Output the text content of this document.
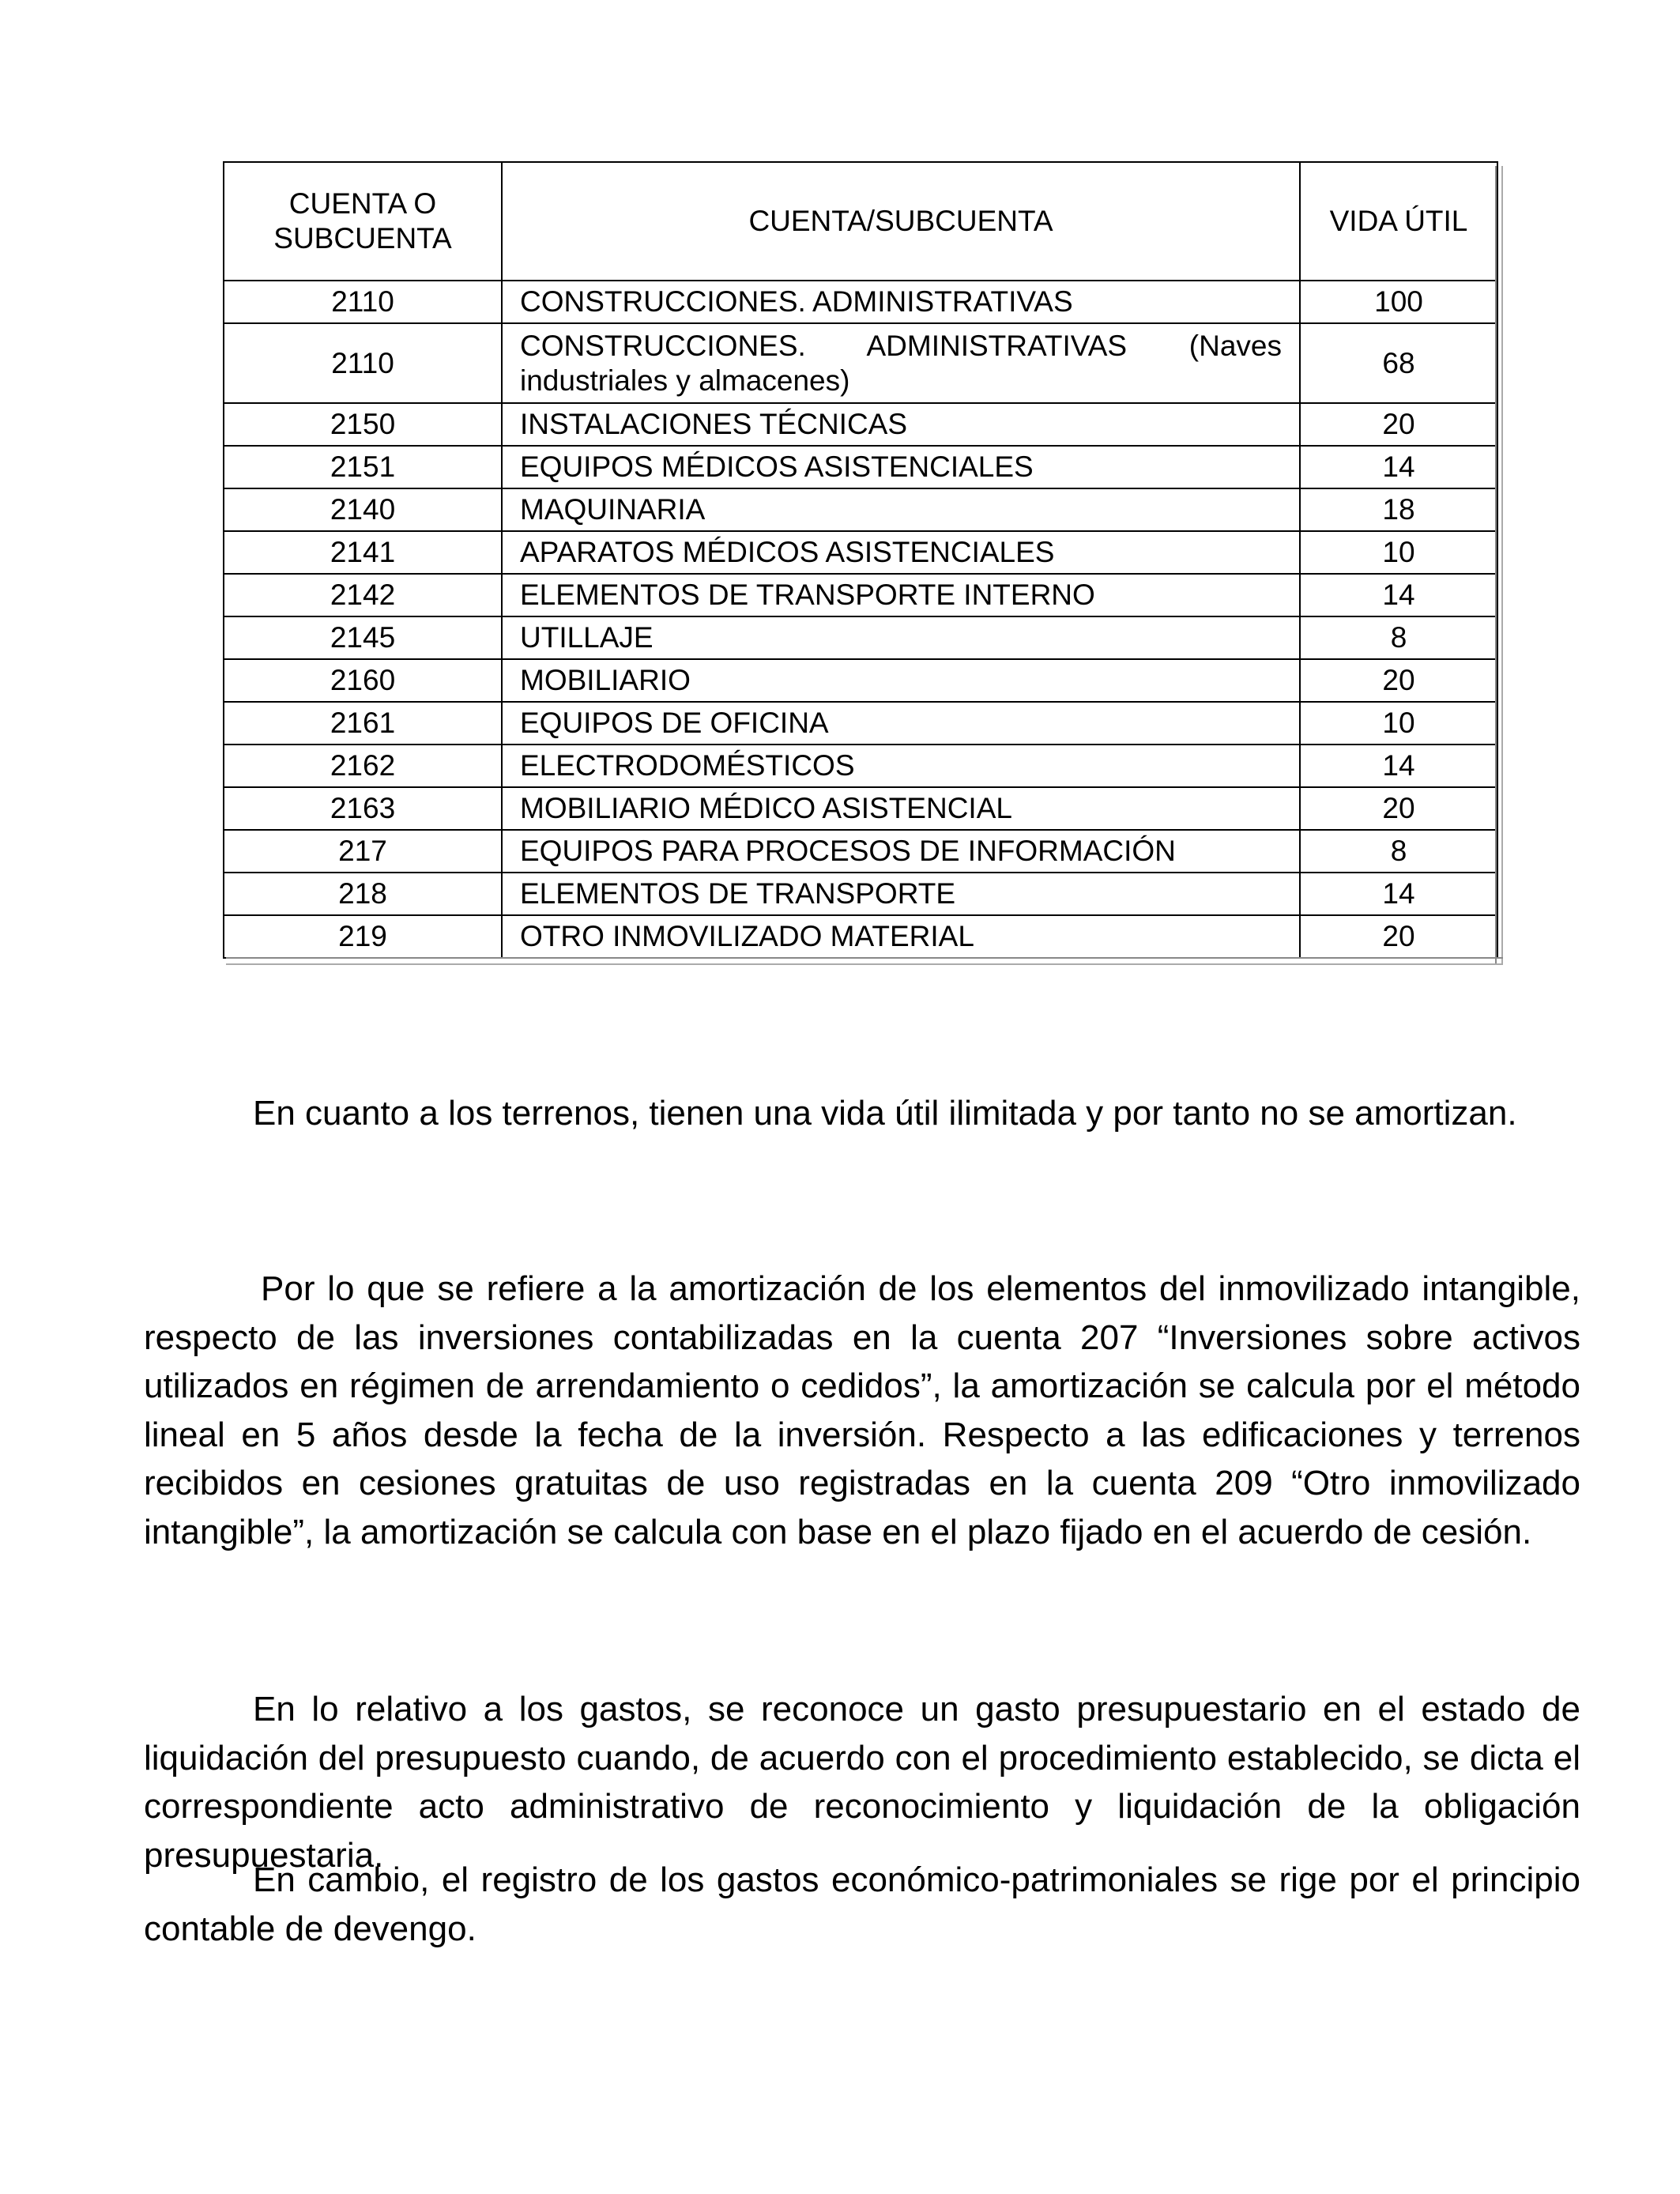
CUENTA O SUBCUENTA	CUENTA/SUBCUENTA	VIDA ÚTIL
2110	CONSTRUCCIONES. ADMINISTRATIVAS	100
2110	CONSTRUCCIONES. ADMINISTRATIVAS (Naves industriales y almacenes)	68
2150	INSTALACIONES TÉCNICAS	20
2151	EQUIPOS MÉDICOS ASISTENCIALES	14
2140	MAQUINARIA	18
2141	APARATOS MÉDICOS ASISTENCIALES	10
2142	ELEMENTOS DE TRANSPORTE INTERNO	14
2145	UTILLAJE	8
2160	MOBILIARIO	20
2161	EQUIPOS DE OFICINA	10
2162	ELECTRODOMÉSTICOS	14
2163	MOBILIARIO MÉDICO ASISTENCIAL	20
217	EQUIPOS PARA PROCESOS DE INFORMACIÓN	8
218	ELEMENTOS DE TRANSPORTE	14
219	OTRO INMOVILIZADO MATERIAL	20

En cuanto a los terrenos, tienen una vida útil ilimitada y por tanto no se amortizan.

Por lo que se refiere a la amortización de los elementos del inmovilizado intangible, respecto de las inversiones contabilizadas en la cuenta 207 “Inversiones sobre activos utilizados en régimen de arrendamiento o cedidos”, la amortización se calcula por el método lineal en 5 años desde la fecha de la inversión. Respecto a las edificaciones y terrenos recibidos en cesiones gratuitas de uso registradas en la cuenta 209 “Otro inmovilizado intangible”, la amortización se calcula con base en el plazo fijado en el acuerdo de cesión.

En lo relativo a los gastos, se reconoce un gasto presupuestario en el estado de liquidación del presupuesto cuando, de acuerdo con el procedimiento establecido, se dicta el correspondiente acto administrativo de reconocimiento y liquidación de la obligación presupuestaria.

En cambio, el registro de los gastos económico-patrimoniales se rige por el principio contable de devengo.
